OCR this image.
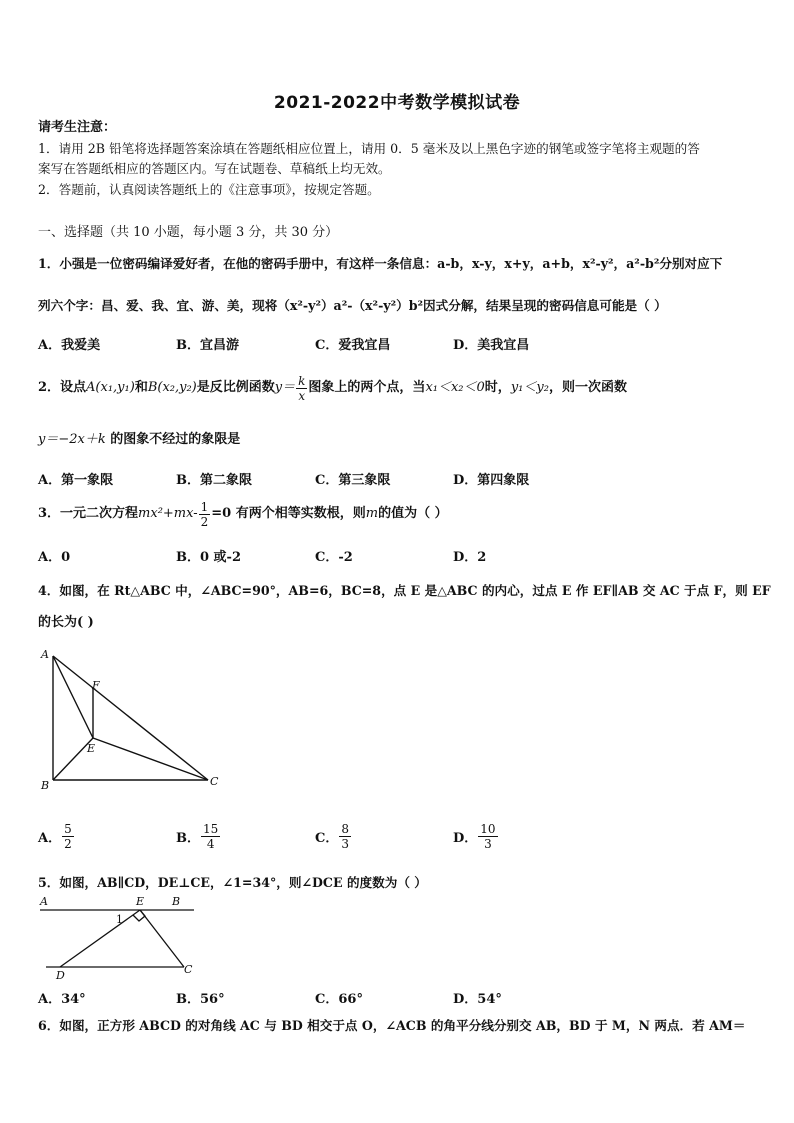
2021-2022中考数学模拟试卷
请考生注意：
1．请用 2B 铅笔将选择题答案涂填在答题纸相应位置上，请用 0．5 毫米及以上黑色字迹的钢笔或签字笔将主观题的答
案写在答题纸相应的答题区内。写在试题卷、草稿纸上均无效。
2．答题前，认真阅读答题纸上的《注意事项》，按规定答题。
一、选择题（共 10 小题，每小题 3 分，共 30 分）
1．小强是一位密码编译爱好者，在他的密码手册中，有这样一条信息：a-b，x-y，x+y，a+b，x²-y²，a²-b²分别对应下
列六个字：昌、爱、我、宜、游、美，现将（x²-y²）a²-（x²-y²）b²因式分解，结果呈现的密码信息可能是（ ）
A．我爱美	B．宜昌游	C．爱我宜昌	D．美我宜昌
2．设点 A(x₁,y₁) 和 B(x₂,y₂) 是反比例函数 $y= \frac{k}{x}$ 图象上的两个点，当 x₁＜x₂＜0 时， y₁＜y₂ ，则一次函数
y＝−2x＋k 的图象不经过的象限是
A．第一象限	B．第二象限	C．第三象限	D．第四象限
3．一元二次方程 $mx^2+mx- \frac{1}{2} =0$ 有两个相等实数根，则 m 的值为（ ）
A．0	B．0 或-2	C．-2	D．2
4．如图，在 Rt△ABC 中，∠ABC=90°，AB=6，BC=8，点 E 是△ABC 的内心，过点 E 作 EF∥AB 交 AC 于点 F，则 EF
的长为( )
A
F
E
B	C
A． $\frac{5}{2}$	B． $\frac{15}{4}$	C． $\frac{8}{3}$	D． $\frac{10}{3}$
5．如图，AB∥CD，DE⊥CE，∠1=34°，则∠DCE 的度数为（ ）
A	E	B
1
D	C
A．34°	B．56°	C．66°	D．54°
6．如图，正方形 ABCD 的对角线 AC 与 BD 相交于点 O，∠ACB 的角平分线分别交 AB，BD 于 M，N 两点．若 AM＝
